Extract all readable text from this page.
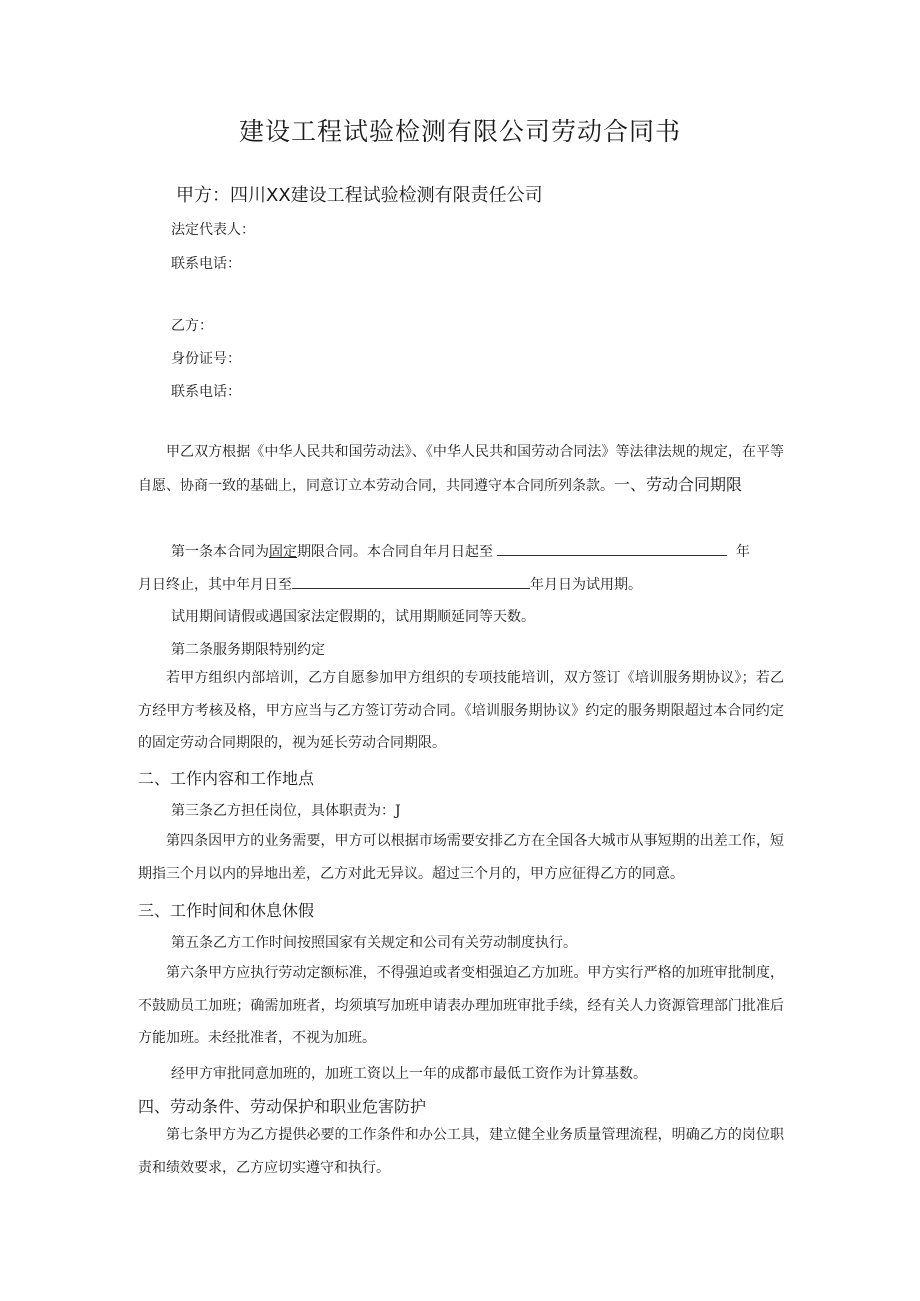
建设工程试验检测有限公司劳动合同书
甲方：四川XX建设工程试验检测有限责任公司
法定代表人：
联系电话：
乙方：
身份证号：
联系电话：
甲乙双方根据《中华人民共和国劳动法》、《中华人民共和国劳动合同法》等法律法规的规定，在平等自愿、协商一致的基础上，同意订立本劳动合同，共同遵守本合同所列条款。一、劳动合同期限
第一条本合同为固定期限合同。本合同自年月日起至	年
月日终止，其中年月日至	年月日为试用期。
试用期间请假或遇国家法定假期的，试用期顺延同等天数。
第二条服务期限特别约定
若甲方组织内部培训，乙方自愿参加甲方组织的专项技能培训，双方签订《培训服务期协议》；若乙方经甲方考核及格，甲方应当与乙方签订劳动合同。《培训服务期协议》约定的服务期限超过本合同约定的固定劳动合同期限的，视为延长劳动合同期限。
二、工作内容和工作地点
第三条乙方担任岗位，具体职责为：J
第四条因甲方的业务需要，甲方可以根据市场需要安排乙方在全国各大城市从事短期的出差工作，短期指三个月以内的异地出差，乙方对此无异议。超过三个月的，甲方应征得乙方的同意。
三、工作时间和休息休假
第五条乙方工作时间按照国家有关规定和公司有关劳动制度执行。
第六条甲方应执行劳动定额标准，不得强迫或者变相强迫乙方加班。甲方实行严格的加班审批制度，不鼓励员工加班；确需加班者，均须填写加班申请表办理加班审批手续，经有关人力资源管理部门批准后方能加班。未经批准者，不视为加班。
经甲方审批同意加班的，加班工资以上一年的成都市最低工资作为计算基数。
四、劳动条件、劳动保护和职业危害防护
第七条甲方为乙方提供必要的工作条件和办公工具，建立健全业务质量管理流程，明确乙方的岗位职责和绩效要求，乙方应切实遵守和执行。
